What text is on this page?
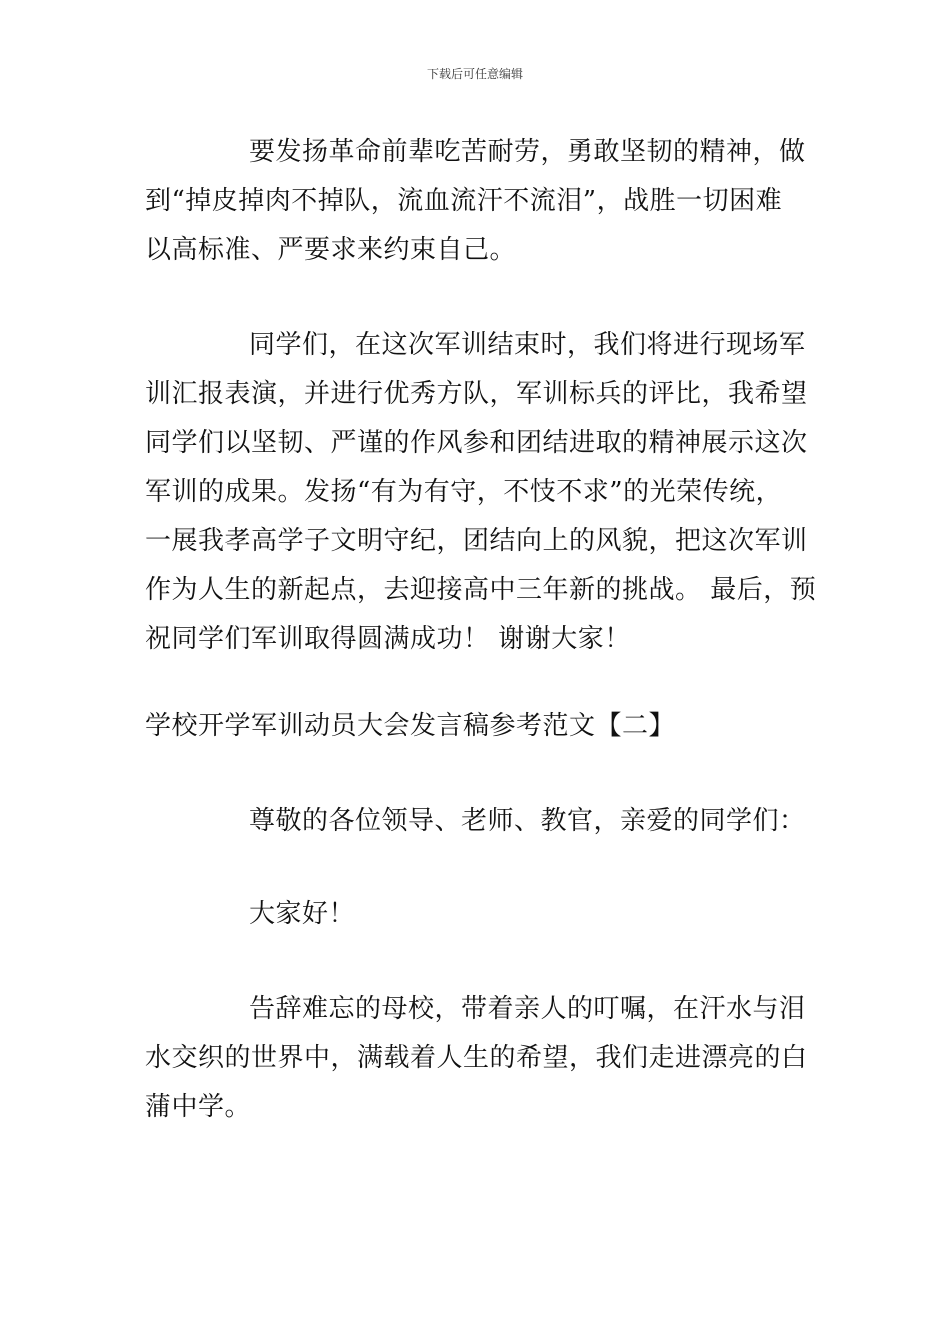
下载后可任意编辑

要发扬革命前辈吃苦耐劳，勇敢坚韧的精神，做
到“掉皮掉肉不掉队，流血流汗不流泪”，战胜一切困难
以高标准、严要求来约束自己。

同学们，在这次军训结束时，我们将进行现场军
训汇报表演，并进行优秀方队，军训标兵的评比，我希望
同学们以坚韧、严谨的作风参和团结进取的精神展示这次
军训的成果。发扬“有为有守，不忮不求”的光荣传统，
一展我孝高学子文明守纪，团结向上的风貌，把这次军训
作为人生的新起点，去迎接高中三年新的挑战。 最后，预
祝同学们军训取得圆满成功！ 谢谢大家！

学校开学军训动员大会发言稿参考范文【二】

尊敬的各位领导、老师、教官，亲爱的同学们：

大家好！

告辞难忘的母校，带着亲人的叮嘱，在汗水与泪
水交织的世界中，满载着人生的希望，我们走进漂亮的白
蒲中学。
